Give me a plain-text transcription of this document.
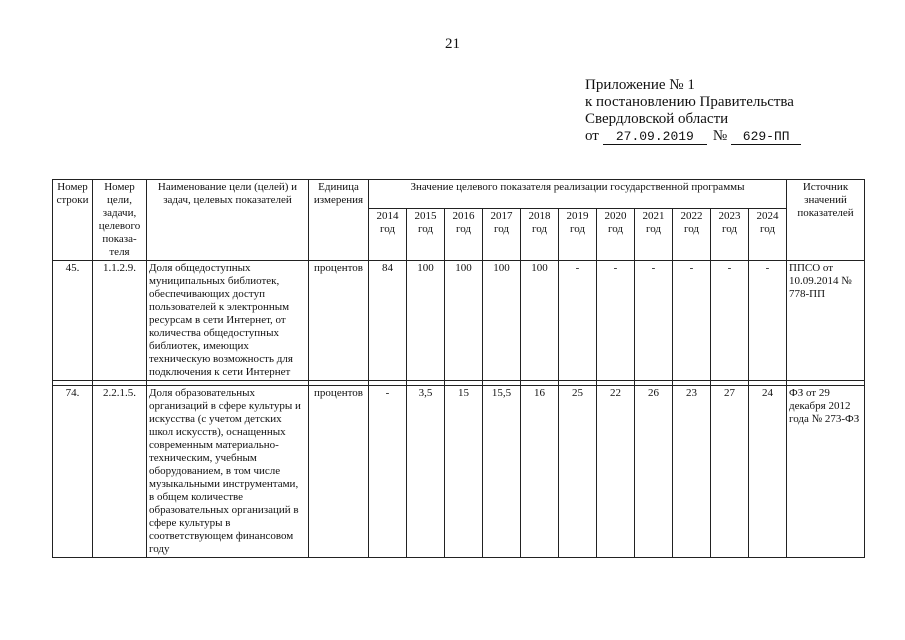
21
Приложение № 1
к постановлению Правительства
Свердловской области
от	27.09.2019	№	629-ПП
Номер строки	Номер цели, задачи, целевого показа-теля	Наименование цели (целей) и задач, целевых показателей	Единица измерения	Значение целевого показателя реализации государственной программы											Источник значений показателей
				2014 год	2015 год	2016 год	2017 год	2018 год	2019 год	2020 год	2021 год	2022 год	2023 год	2024 год	
45.	1.1.2.9.	Доля общедоступных муниципальных библиотек, обеспечивающих доступ пользователей к электронным ресурсам в сети Интернет, от количества общедоступных библиотек, имеющих техническую возможность для подключения к сети Интернет	процентов	84	100	100	100	100	-	-	-	-	-	-	ППСО от 10.09.2014 № 778-ПП

74.	2.2.1.5.	Доля образовательных организаций в сфере культуры и искусства (с учетом детских школ искусств), оснащенных современным материально-техническим, учебным оборудованием, в том числе музыкальными инструментами, в общем количестве образовательных организаций в сфере культуры в соответствующем финансовом году	процентов	-	3,5	15	15,5	16	25	22	26	23	27	24	ФЗ от 29 декабря 2012 года № 273-ФЗ
